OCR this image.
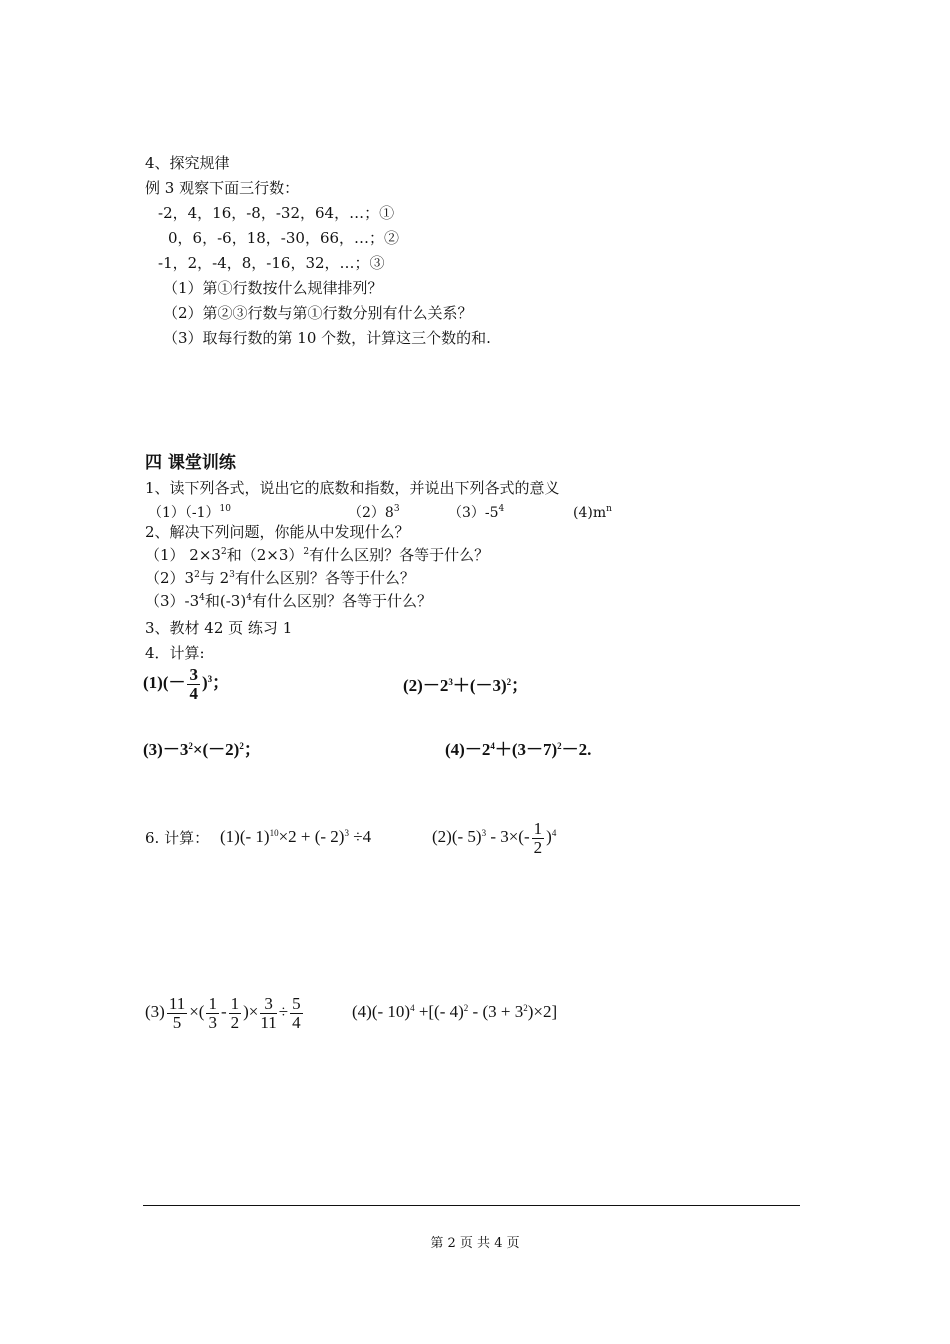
4、探究规律
例 3 观察下面三行数：
-2，4，16，-8，-32，64，…；①
0，6，-6，18，-30，66，…；②
-1，2，-4，8，-16，32，…；③
（1）第①行数按什么规律排列？
（2）第②③行数与第①行数分别有什么关系？
（3）取每行数的第 10 个数，计算这三个数的和.
四 课堂训练
1、读下列各式，说出它的底数和指数，并说出下列各式的意义
$(1)(-1)^{10}$	$(2)8^3$	$(3)-5^4$	$(4)m^n$
2、解决下列问题，你能从中发现什么？
（1） $2\times 3^2$和$(2\times 3)^2$有什么区别？各等于什么？
$(2)3^2$与 $2^3$有什么区别？各等于什么？
$(3)-3^4$和$(-3)^4$有什么区别？各等于什么？
3、教材 42 页 练习 1
4．计算:
$(1)(- \frac{3}{4} )^3$；	$(2)-2^3+(-3)^2$；
$(3)-3^2\times(-2)^2$；	$(4)-2^4+(3-7)^2-2$.
6. 计算： (1)(- 1)$^{10}$×2 + (- 2)$^3$ ÷4	(2)(- $5)^3 - 3\times(- \frac{1}{2} )^4$
$(3) \frac{11}{5}$ ×( $\frac{1}{3} - \frac{1}{2}$ )× $\frac{3}{11} \div \frac{5}{4}$	(4)(- 10)$^4$ +[(- $4)^2 - (3 + 3^2)\times 2$]
第 2 页 共 4 页
